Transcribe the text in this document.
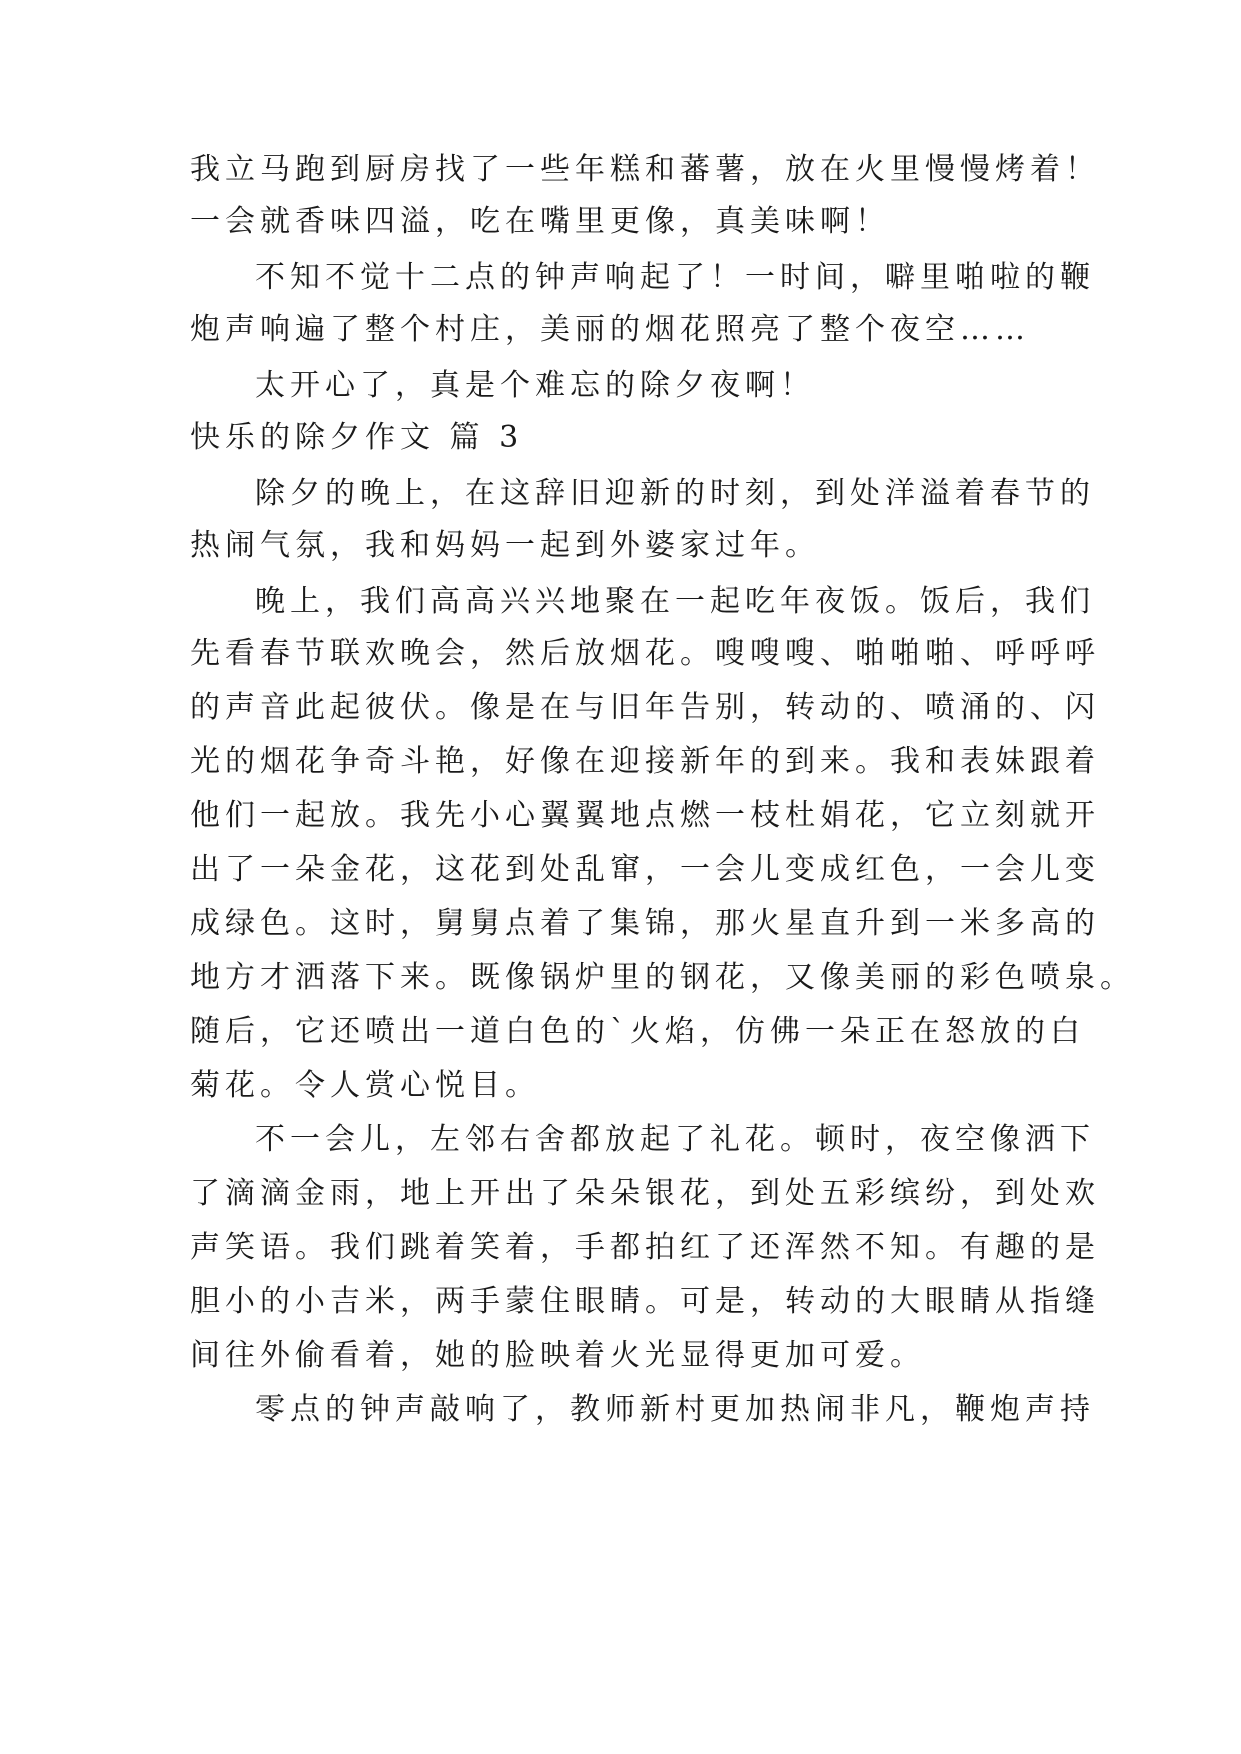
我立马跑到厨房找了一些年糕和蕃薯，放在火里慢慢烤着！
一会就香味四溢，吃在嘴里更像，真美味啊！
不知不觉十二点的钟声响起了！一时间，噼里啪啦的鞭
炮声响遍了整个村庄，美丽的烟花照亮了整个夜空……
太开心了，真是个难忘的除夕夜啊！
快乐的除夕作文 篇 3
除夕的晚上，在这辞旧迎新的时刻，到处洋溢着春节的
热闹气氛，我和妈妈一起到外婆家过年。
晚上，我们高高兴兴地聚在一起吃年夜饭。饭后，我们
先看春节联欢晚会，然后放烟花。嗖嗖嗖、啪啪啪、呼呼呼
的声音此起彼伏。像是在与旧年告别，转动的、喷涌的、闪
光的烟花争奇斗艳，好像在迎接新年的到来。我和表妹跟着
他们一起放。我先小心翼翼地点燃一枝杜娟花，它立刻就开
出了一朵金花，这花到处乱窜，一会儿变成红色，一会儿变
成绿色。这时，舅舅点着了集锦，那火星直升到一米多高的
地方才洒落下来。既像锅炉里的钢花，又像美丽的彩色喷泉。
随后，它还喷出一道白色的`火焰，仿佛一朵正在怒放的白
菊花。令人赏心悦目。
不一会儿，左邻右舍都放起了礼花。顿时，夜空像洒下
了滴滴金雨，地上开出了朵朵银花，到处五彩缤纷，到处欢
声笑语。我们跳着笑着，手都拍红了还浑然不知。有趣的是
胆小的小吉米，两手蒙住眼睛。可是，转动的大眼睛从指缝
间往外偷看着，她的脸映着火光显得更加可爱。
零点的钟声敲响了，教师新村更加热闹非凡，鞭炮声持
